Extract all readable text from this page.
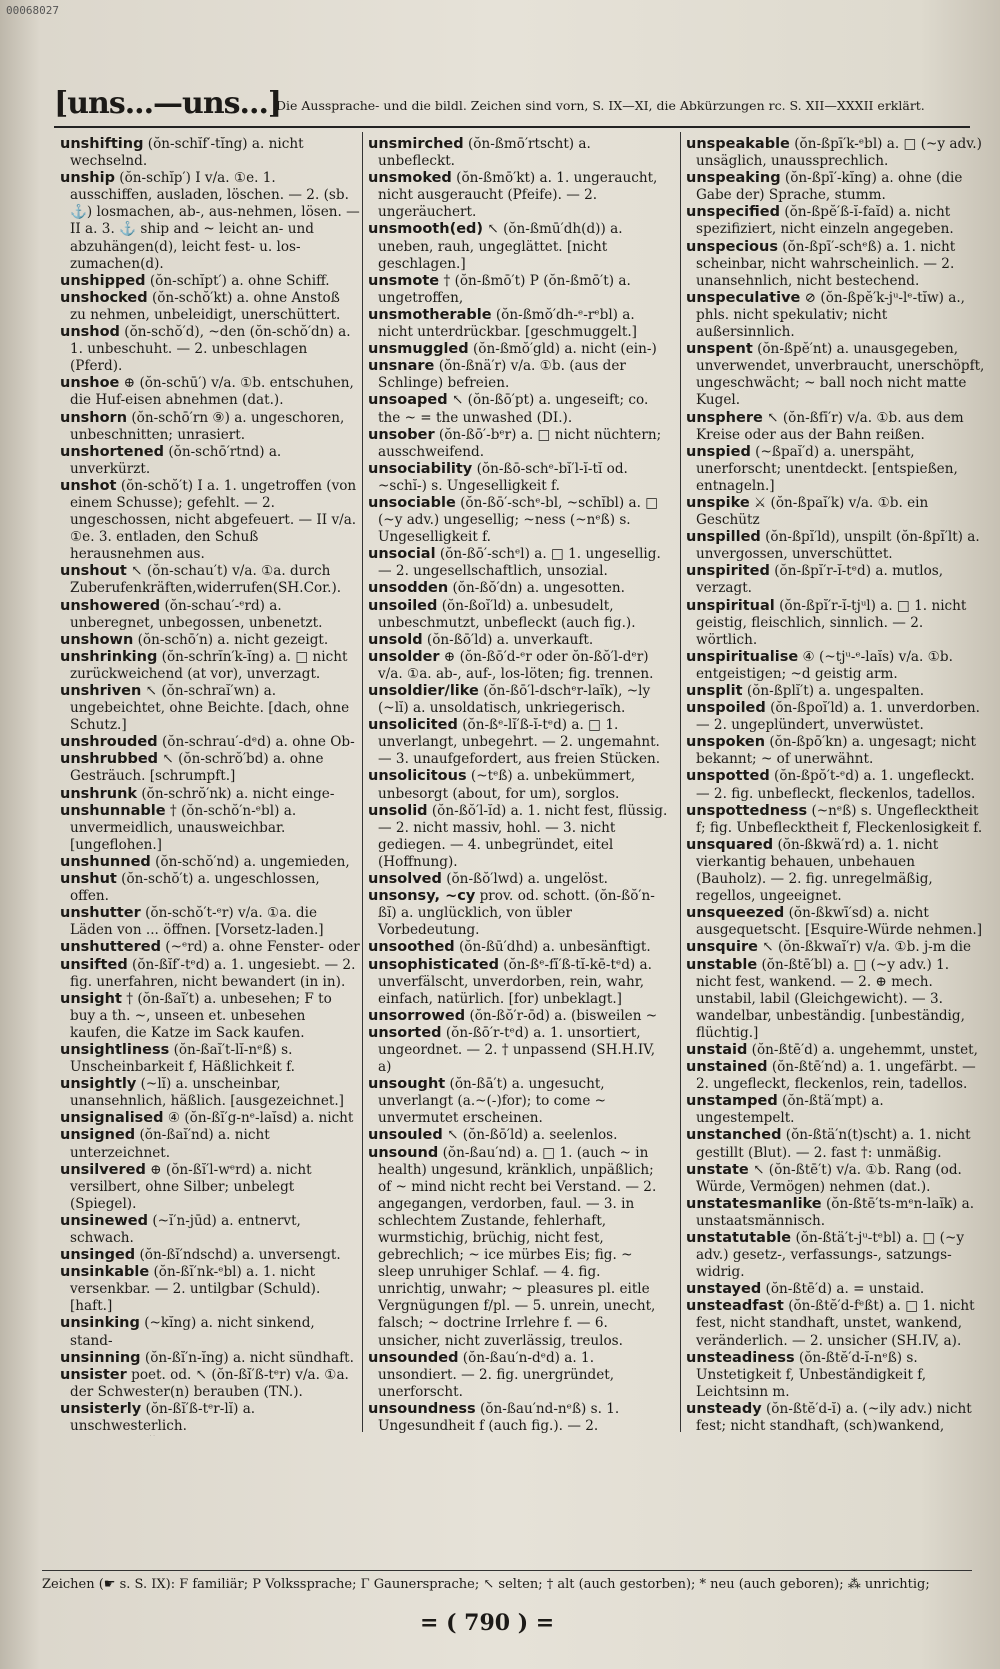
00068027
[uns...—uns...]
Die Aussprache- und die bildl. Zeichen sind vorn, S. IX—XI, die Abkürzungen rc. S. XII—XXXII erklärt.

unshifting (ŏn-schĭf′-tĭng) a. nicht wechselnd.

unship (ŏn-schĭp′) I v/a. ①e. 1. ausschiffen, ausladen, löschen. — 2. (sb. ⚓) losmachen, ab-, aus-nehmen, lösen. — II a. 3. ⚓ ship and ~ leicht an- und abzuhängen(d), leicht fest- u. los-zumachen(d).

unshipped (ŏn-schĭpt′) a. ohne Schiff.

unshocked (ŏn-schŏ′kt) a. ohne Anstoß zu nehmen, unbeleidigt, unerschüttert.

unshod (ŏn-schŏ′d), ~den (ŏn-schŏ′dn) a. 1. unbeschuht. — 2. unbeschlagen (Pferd).

unshoe ⊕ (ŏn-schū′) v/a. ①b. entschuhen, die Huf-eisen abnehmen (dat.).

unshorn (ŏn-schō′rn ⑨) a. ungeschoren, unbeschnitten; unrasiert.

unshortened (ŏn-schō′rtnd) a. unverkürzt.

unshot (ŏn-schŏ′t) I a. 1. ungetroffen (von einem Schusse); gefehlt. — 2. ungeschossen, nicht abgefeuert. — II v/a. ①e. 3. entladen, den Schuß herausnehmen aus.

unshout ↖ (ŏn-schau′t) v/a. ①a. durch Zuberufenkräften,widerrufen(SH.Cor.).

unshowered (ŏn-schau′-ᵉrd) a. unberegnet, unbegossen, unbenetzt.

unshown (ŏn-schō′n) a. nicht gezeigt.

unshrinking (ŏn-schrĭn′k-ĭng) a. □ nicht zurückweichend (at vor), unverzagt.

unshriven ↖ (ŏn-schraĭ′wn) a. ungebeichtet, ohne Beichte. [dach, ohne Schutz.]

unshrouded (ŏn-schrau′-dᵉd) a. ohne Ob-

unshrubbed ↖ (ŏn-schrŏ′bd) a. ohne Gesträuch. [schrumpft.]

unshrunk (ŏn-schrŏ′nk) a. nicht einge-

unshunnable † (ŏn-schŏ′n-ᵉbl) a. unvermeidlich, unausweichbar. [ungeflohen.]

unshunned (ŏn-schŏ′nd) a. ungemieden,

unshut (ŏn-schŏ′t) a. ungeschlossen, offen.

unshutter (ŏn-schŏ′t-ᵉr) v/a. ①a. die Läden von ... öffnen. [Vorsetz-laden.]

unshuttered (~ᵉrd) a. ohne Fenster- oder

unsifted (ŏn-ßĭf′-tᵉd) a. 1. ungesiebt. — 2. fig. unerfahren, nicht bewandert (in in).

unsight † (ŏn-ßaĭ′t) a. unbesehen; F to buy a th. ~, unseen et. unbesehen kaufen, die Katze im Sack kaufen.

unsightliness (ŏn-ßaĭ′t-lĭ-nᵉß) s. Unscheinbarkeit f, Häßlichkeit f.

unsightly (~lĭ) a. unscheinbar, unansehnlich, häßlich. [ausgezeichnet.]

unsignalised ④ (ŏn-ßĭ′g-nᵉ-laĭsd) a. nicht

unsigned (ŏn-ßaĭ′nd) a. nicht unterzeichnet.

unsilvered ⊕ (ŏn-ßĭ′l-wᵉrd) a. nicht versilbert, ohne Silber; unbelegt (Spiegel).

unsinewed (~ĭ′n-jūd) a. entnervt, schwach.

unsinged (ŏn-ßĭ′ndschd) a. unversengt.

unsinkable (ŏn-ßĭ′nk-ᵉbl) a. 1. nicht versenkbar. — 2. untilgbar (Schuld). [haft.]

unsinking (~kĭng) a. nicht sinkend, stand-

unsinning (ŏn-ßĭ′n-ĭng) a. nicht sündhaft.

unsister poet. od. ↖ (ŏn-ßĭ′ß-tᵉr) v/a. ①a. der Schwester(n) berauben (TN.).

unsisterly (ŏn-ßĭ′ß-tᵉr-lĭ) a. unschwesterlich.

unsmirched (ŏn-ßmō′rtscht) a. unbefleckt.

unsmoked (ŏn-ßmō′kt) a. 1. ungeraucht, nicht ausgeraucht (Pfeife). — 2. ungeräuchert.

unsmooth(ed) ↖ (ŏn-ßmū′dh(d)) a. uneben, rauh, ungeglättet. [nicht geschlagen.]

unsmote † (ŏn-ßmō′t) P (ŏn-ßmō′t) a. ungetroffen,

unsmotherable (ŏn-ßmŏ′dh-ᵉ-rᵉbl) a. nicht unterdrückbar. [geschmuggelt.]

unsmuggled (ŏn-ßmŏ′gld) a. nicht (ein-)

unsnare (ŏn-ßnä′r) v/a. ①b. (aus der Schlinge) befreien.

unsoaped ↖ (ŏn-ßō′pt) a. ungeseift; co. the ~ = the unwashed (DI.).

unsober (ŏn-ßō′-bᵉr) a. □ nicht nüchtern; ausschweifend.

unsociability (ŏn-ßō-schᵉ-bĭ′l-ĭ-tĭ od. ~schĭ-) s. Ungeselligkeit f.

unsociable (ŏn-ßō′-schᵉ-bl, ~schĭbl) a. □ (~y adv.) ungesellig; ~ness (~nᵉß) s. Ungeselligkeit f.

unsocial (ŏn-ßō′-schᵉl) a. □ 1. ungesellig. — 2. ungesellschaftlich, unsozial.

unsodden (ŏn-ßŏ′dn) a. ungesotten.

unsoiled (ŏn-ßoĭ′ld) a. unbesudelt, unbeschmutzt, unbefleckt (auch fig.).

unsold (ŏn-ßō′ld) a. unverkauft.

unsolder ⊕ (ŏn-ßō′d-ᵉr oder ŏn-ßŏ′l-dᵉr) v/a. ①a. ab-, auf-, los-löten; fig. trennen.

unsoldier/like (ŏn-ßō′l-dschᵉr-laĭk), ~ly (~lĭ) a. unsoldatisch, unkriegerisch.

unsolicited (ŏn-ßᵉ-lĭ′ß-ĭ-tᵉd) a. □ 1. unverlangt, unbegehrt. — 2. ungemahnt. — 3. unaufgefordert, aus freien Stücken.

unsolicitous (~tᵉß) a. unbekümmert, unbesorgt (about, for um), sorglos.

unsolid (ŏn-ßŏ′l-ĭd) a. 1. nicht fest, flüssig. — 2. nicht massiv, hohl. — 3. nicht gediegen. — 4. unbegründet, eitel (Hoffnung).

unsolved (ŏn-ßŏ′lwd) a. ungelöst.

unsonsy, ~cy prov. od. schott. (ŏn-ßŏ′n-ßĭ) a. unglücklich, von übler Vorbedeutung.

unsoothed (ŏn-ßū′dhd) a. unbesänftigt.

unsophisticated (ŏn-ßᵉ-fĭ′ß-tĭ-kē-tᵉd) a. unverfälscht, unverdorben, rein, wahr, einfach, natürlich. [for) unbeklagt.]

unsorrowed (ŏn-ßŏ′r-ōd) a. (bisweilen ~

unsorted (ŏn-ßō′r-tᵉd) a. 1. unsortiert, ungeordnet. — 2. † unpassend (SH.H.IV, a)

unsought (ŏn-ßā′t) a. ungesucht, unverlangt (a.~(-)for); to come ~ unvermutet erscheinen.

unsouled ↖ (ŏn-ßō′ld) a. seelenlos.

unsound (ŏn-ßau′nd) a. □ 1. (auch ~ in health) ungesund, kränklich, unpäßlich; of ~ mind nicht recht bei Verstand. — 2. angegangen, verdorben, faul. — 3. in schlechtem Zustande, fehlerhaft, wurmstichig, brüchig, nicht fest, gebrechlich; ~ ice mürbes Eis; fig. ~ sleep unruhiger Schlaf. — 4. fig. unrichtig, unwahr; ~ pleasures pl. eitle Vergnügungen f/pl. — 5. unrein, unecht, falsch; ~ doctrine Irrlehre f. — 6. unsicher, nicht zuverlässig, treulos.

unsounded (ŏn-ßau′n-dᵉd) a. 1. unsondiert. — 2. fig. unergründet, unerforscht.

unsoundness (ŏn-ßau′nd-nᵉß) s. 1. Ungesundheit f (auch fig.). — 2.

unspeakable (ŏn-ßpī′k-ᵉbl) a. □ (~y adv.) unsäglich, unaussprechlich.

unspeaking (ŏn-ßpī′-kĭng) a. ohne (die Gabe der) Sprache, stumm.

unspecified (ŏn-ßpĕ′ß-ĭ-faĭd) a. nicht spezifiziert, nicht einzeln angegeben.

unspecious (ŏn-ßpī′-schᵉß) a. 1. nicht scheinbar, nicht wahrscheinlich. — 2. unansehnlich, nicht bestechend.

unspeculative ⊘ (ŏn-ßpĕ′k-jᵘ-lᵉ-tĭw) a., phls. nicht spekulativ; nicht außersinnlich.

unspent (ŏn-ßpĕ′nt) a. unausgegeben, unverwendet, unverbraucht, unerschöpft, ungeschwächt; ~ ball noch nicht matte Kugel.

unsphere ↖ (ŏn-ßfī′r) v/a. ①b. aus dem Kreise oder aus der Bahn reißen.

unspied (~ßpaĭ′d) a. unerspäht, unerforscht; unentdeckt. [entspießen, entnageln.]

unspike ⚔ (ŏn-ßpaĭ′k) v/a. ①b. ein Geschütz

unspilled (ŏn-ßpĭ′ld), unspilt (ŏn-ßpĭ′lt) a. unvergossen, unverschüttet.

unspirited (ŏn-ßpĭ′r-ĭ-tᵉd) a. mutlos, verzagt.

unspiritual (ŏn-ßpĭ′r-ĭ-tjᵘl) a. □ 1. nicht geistig, fleischlich, sinnlich. — 2. wörtlich.

unspiritualise ④ (~tjᵘ-ᵉ-laĭs) v/a. ①b. entgeistigen; ~d geistig arm.

unsplit (ŏn-ßplĭ′t) a. ungespalten.

unspoiled (ŏn-ßpoĭ′ld) a. 1. unverdorben. — 2. ungeplündert, unverwüstet.

unspoken (ŏn-ßpō′kn) a. ungesagt; nicht bekannt; ~ of unerwähnt.

unspotted (ŏn-ßpŏ′t-ᵉd) a. 1. ungefleckt. — 2. fig. unbefleckt, fleckenlos, tadellos.

unspottedness (~nᵉß) s. Ungeflecktheit f; fig. Unbeflecktheit f, Fleckenlosigkeit f.

unsquared (ŏn-ßkwä′rd) a. 1. nicht vierkantig behauen, unbehauen (Bauholz). — 2. fig. unregelmäßig, regellos, ungeeignet.

unsqueezed (ŏn-ßkwī′sd) a. nicht ausgequetscht. [Esquire-Würde nehmen.]

unsquire ↖ (ŏn-ßkwaĭ′r) v/a. ①b. j-m die

unstable (ŏn-ßtē′bl) a. □ (~y adv.) 1. nicht fest, wankend. — 2. ⊕ mech. unstabil, labil (Gleichgewicht). — 3. wandelbar, unbeständig. [unbeständig, flüchtig.]

unstaid (ŏn-ßtē′d) a. ungehemmt, unstet,

unstained (ŏn-ßtē′nd) a. 1. ungefärbt. — 2. ungefleckt, fleckenlos, rein, tadellos.

unstamped (ŏn-ßtä′mpt) a. ungestempelt.

unstanched (ŏn-ßtä′n(t)scht) a. 1. nicht gestillt (Blut). — 2. fast †: unmäßig.

unstate ↖ (ŏn-ßtē′t) v/a. ①b. Rang (od. Würde, Vermögen) nehmen (dat.).

unstatesmanlike (ŏn-ßtē′ts-mᵉn-laĭk) a. unstaatsmännisch.

unstatutable (ŏn-ßtä′t-jᵘ-tᵉbl) a. □ (~y adv.) gesetz-, verfassungs-, satzungs-widrig.

unstayed (ŏn-ßtē′d) a. = unstaid.

unsteadfast (ŏn-ßtĕ′d-fᵉßt) a. □ 1. nicht fest, nicht standhaft, unstet, wankend, veränderlich. — 2. unsicher (SH.IV, a).

unsteadiness (ŏn-ßtĕ′d-ĭ-nᵉß) s. Unstetigkeit f, Unbeständigkeit f, Leichtsinn m.

unsteady (ŏn-ßtĕ′d-ĭ) a. (~ily adv.) nicht fest; nicht standhaft, (sch)wankend,

Zeichen (☛ s. S. IX): F familiär; P Volkssprache; Γ Gaunersprache; ↖ selten; † alt (auch gestorben); * neu (auch geboren); ⁂ unrichtig;
= ( 790 ) =
